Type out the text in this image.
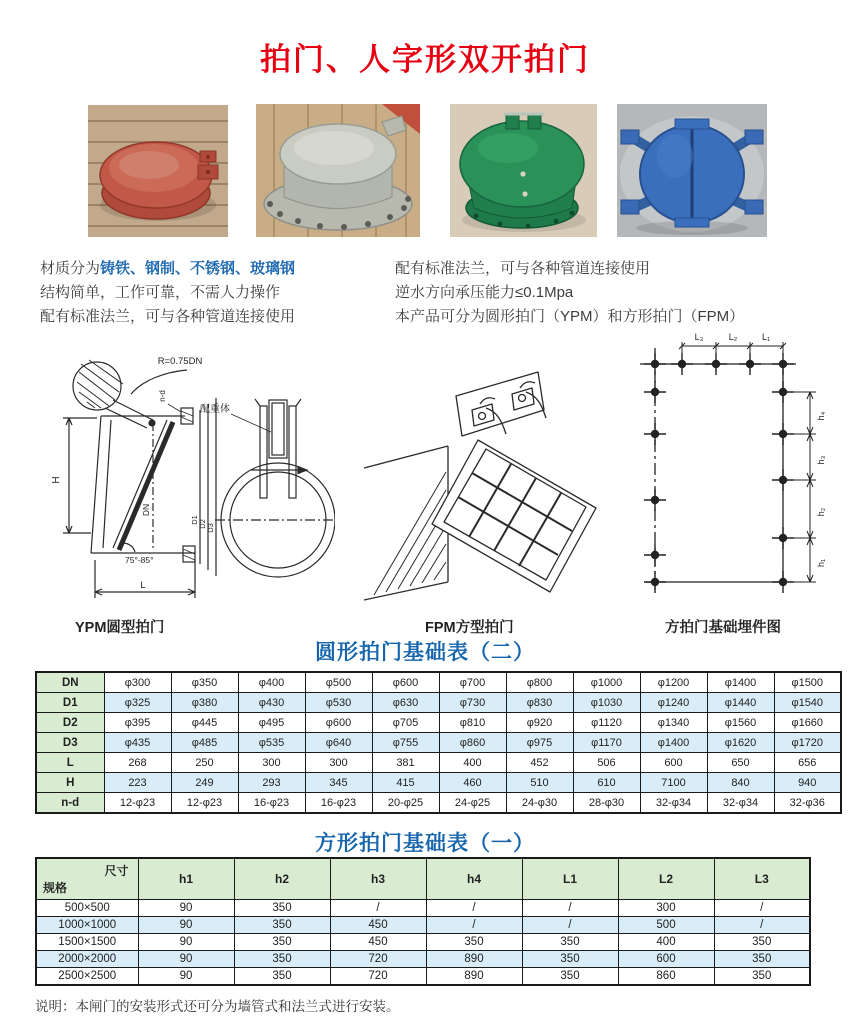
拍门、人字形双开拍门
材质分为铸铁、钢制、不锈钢、玻璃钢
结构简单，工作可靠，不需人力操作
配有标准法兰，可与各种管道连接使用
配有标准法兰，可与各种管道连接使用
逆水方向承压能力≤0.1Mpa
本产品可分为圆形拍门（YPM）和方形拍门（FPM）
R=0.75DN
H
n-d
DN
D1 D2 D3
75°-85°
L
配重体
L₃	L₂	L₁
h₄
h₃
h₂
h₁
YPM圆型拍门	FPM方型拍门	方拍门基础埋件图
圆形拍门基础表（二）
DN	φ300	φ350	φ400	φ500	φ600	φ700	φ800	φ1000	φ1200	φ1400	φ1500
D1	φ325	φ380	φ430	φ530	φ630	φ730	φ830	φ1030	φ1240	φ1440	φ1540
D2	φ395	φ445	φ495	φ600	φ705	φ810	φ920	φ1120	φ1340	φ1560	φ1660
D3	φ435	φ485	φ535	φ640	φ755	φ860	φ975	φ1170	φ1400	φ1620	φ1720
L	268	250	300	300	381	400	452	506	600	650	656
H	223	249	293	345	415	460	510	610	7100	840	940
n-d	12-φ23	12-φ23	16-φ23	16-φ23	20-φ25	24-φ25	24-φ30	28-φ30	32-φ34	32-φ34	32-φ36
方形拍门基础表（一）
尺寸
规格	h1	h2	h3	h4	L1	L2	L3
500×500	90	350	/	/	/	300	/
1000×1000	90	350	450	/	/	500	/
1500×1500	90	350	450	350	350	400	350
2000×2000	90	350	720	890	350	600	350
2500×2500	90	350	720	890	350	860	350
说明：本闸门的安装形式还可分为墙管式和法兰式进行安装。
